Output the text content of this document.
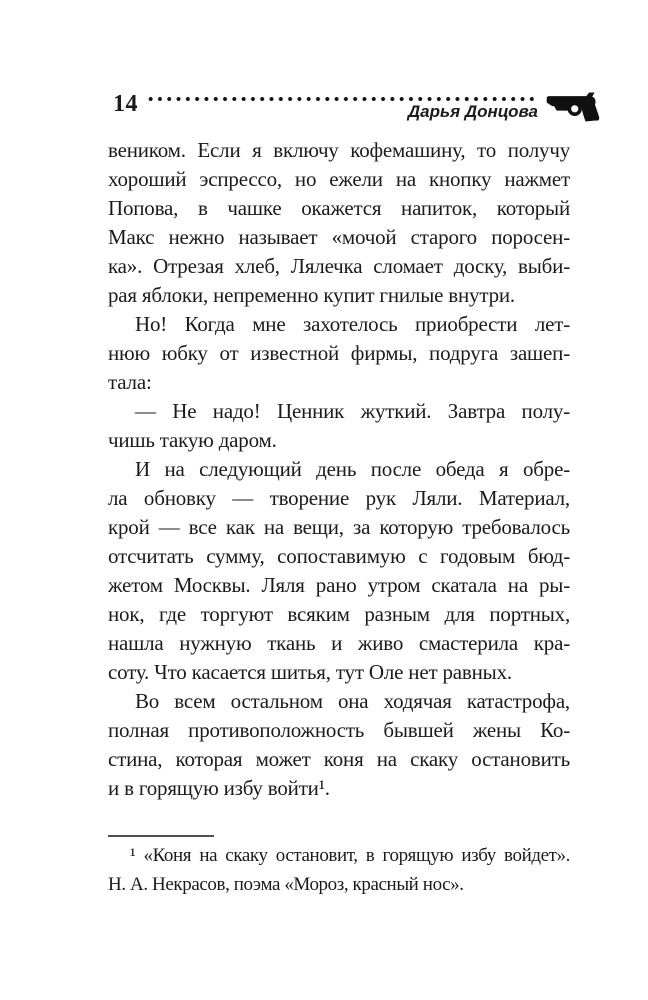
14	Дарья Донцова
веником. Если я включу кофемашину, то получу
хороший эспрессо, но ежели на кнопку нажмет
Попова, в чашке окажется напиток, который
Макс нежно называет «мочой старого поросен-
ка». Отрезая хлеб, Лялечка сломает доску, выби-
рая яблоки, непременно купит гнилые внутри.
Но! Когда мне захотелось приобрести лет-
нюю юбку от известной фирмы, подруга зашеп-
тала:
— Не надо! Ценник жуткий. Завтра полу-
чишь такую даром.
И на следующий день после обеда я обре-
ла обновку — творение рук Ляли. Материал,
крой — все как на вещи, за которую требовалось
отсчитать сумму, сопоставимую с годовым бюд-
жетом Москвы. Ляля рано утром скатала на ры-
нок, где торгуют всяким разным для портных,
нашла нужную ткань и живо смастерила кра-
соту. Что касается шитья, тут Оле нет равных.
Во всем остальном она ходячая катастрофа,
полная противоположность бывшей жены Ко-
стина, которая может коня на скаку остановить
и в горящую избу войти¹.
¹ «Коня на скаку остановит, в горящую избу войдет».
Н. А. Некрасов, поэма «Мороз, красный нос».
